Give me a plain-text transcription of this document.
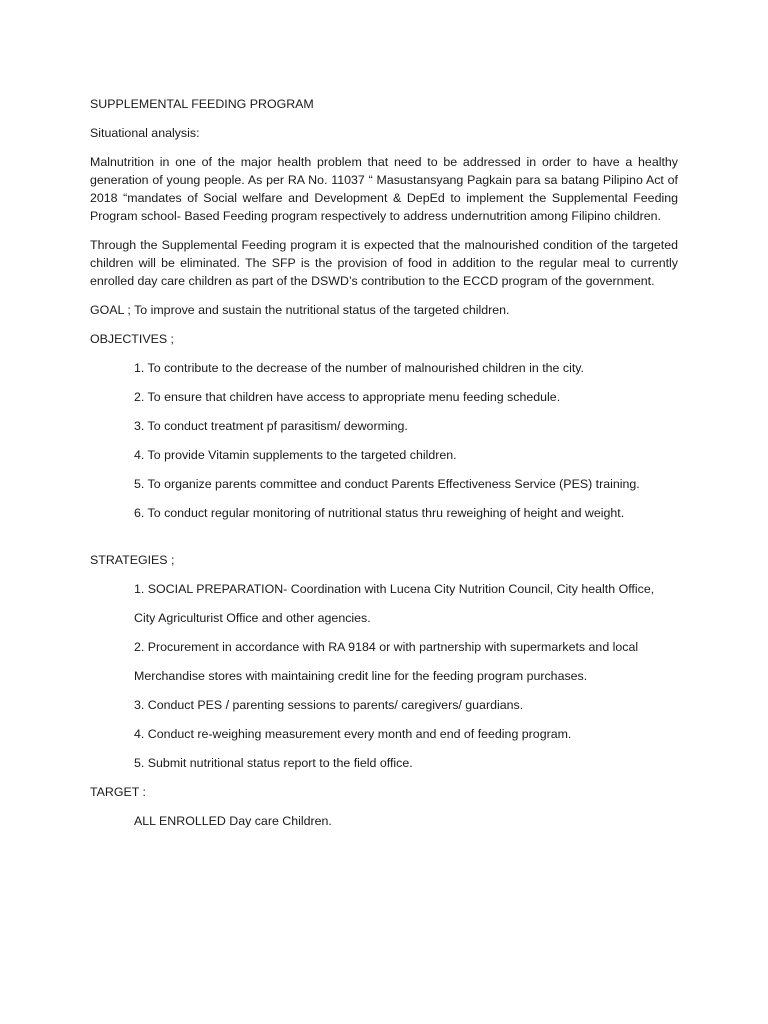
SUPPLEMENTAL FEEDING PROGRAM
Situational analysis:
Malnutrition in one of the major health problem that need to be addressed in order to have a healthy generation of young people. As per RA No. 11037 “ Masustansyang Pagkain para sa batang Pilipino Act of 2018 “mandates of Social welfare and Development & DepEd to implement the Supplemental Feeding Program school- Based Feeding program respectively to address undernutrition among Filipino children.
Through the Supplemental Feeding program it is expected that the malnourished condition of the targeted children will be eliminated. The SFP is the provision of food in addition to the regular meal to currently enrolled day care children as part of the DSWD’s contribution to the ECCD program of the government.
GOAL ; To improve and sustain the nutritional status of the targeted children.
OBJECTIVES ;
1. To contribute to the decrease of the number of malnourished children in the city.
2. To ensure that children have access to appropriate menu feeding schedule.
3. To conduct treatment pf parasitism/ deworming.
4. To provide Vitamin supplements to the targeted children.
5. To organize parents committee and conduct Parents Effectiveness Service (PES) training.
6. To conduct regular monitoring of nutritional status thru reweighing of height and weight.
STRATEGIES ;
1. SOCIAL PREPARATION- Coordination with Lucena City Nutrition Council, City health Office,
City Agriculturist Office and other agencies.
2. Procurement in accordance with RA 9184 or with partnership with supermarkets and local
Merchandise stores with maintaining credit line for the feeding program purchases.
3. Conduct PES / parenting sessions to parents/ caregivers/ guardians.
4. Conduct re-weighing measurement every month and end of feeding program.
5. Submit nutritional status report to the field office.
TARGET :
ALL ENROLLED Day care Children.
